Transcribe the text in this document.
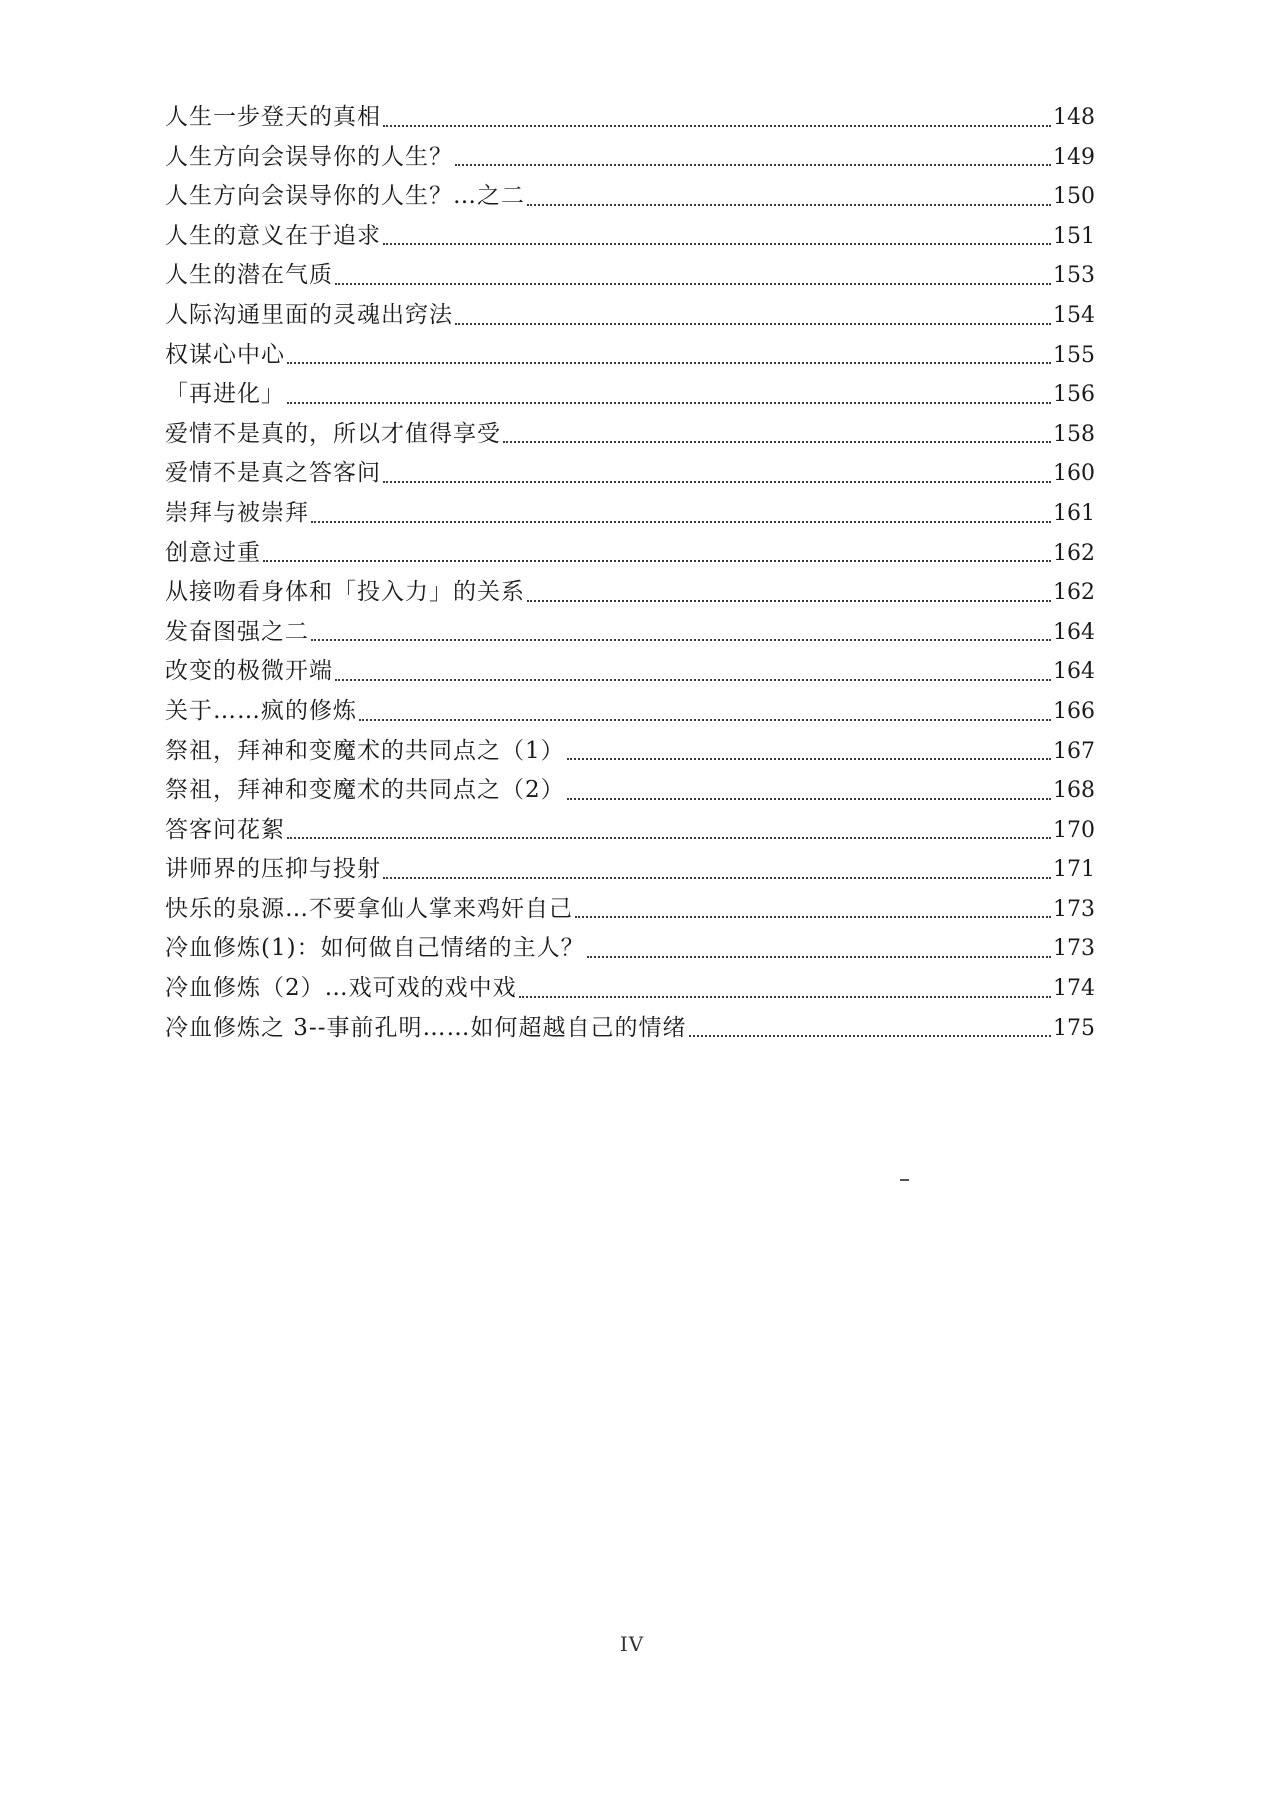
人生一步登天的真相	148
人生方向会误导你的人生？	149
人生方向会误导你的人生？…之二	150
人生的意义在于追求	151
人生的潜在气质	153
人际沟通里面的灵魂出窍法	154
权谋心中心	155
「再进化」	156
爱情不是真的，所以才值得享受	158
爱情不是真之答客问	160
崇拜与被崇拜	161
创意过重	162
从接吻看身体和「投入力」的关系	162
发奋图强之二	164
改变的极微开端	164
关于……疯的修炼	166
祭祖，拜神和变魔术的共同点之（1）	167
祭祖，拜神和变魔术的共同点之（2）	168
答客问花絮	170
讲师界的压抑与投射	171
快乐的泉源…不要拿仙人掌来鸡奸自己	173
冷血修炼(1)：如何做自己情绪的主人？	173
冷血修炼（2）…戏可戏的戏中戏	174
冷血修炼之 3--事前孔明……如何超越自己的情绪	175
IV
